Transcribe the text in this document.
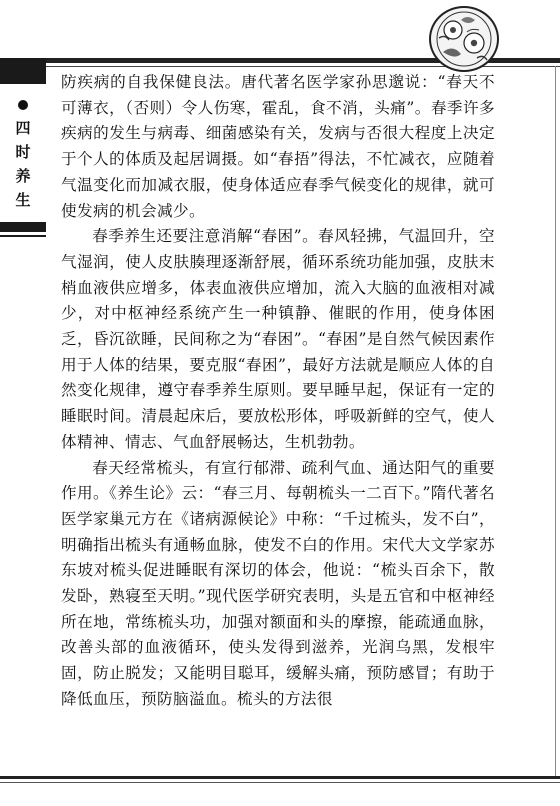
四
时
养
生

防疾病的自我保健良法。唐代著名医学家孙思邈说：“春天不可薄衣，（否则）令人伤寒，霍乱，食不消，头痛”。春季许多疾病的发生与病毒、细菌感染有关，发病与否很大程度上决定于个人的体质及起居调摄。如“春捂”得法，不忙减衣，应随着气温变化而加减衣服，使身体适应春季气候变化的规律，就可使发病的机会减少。

春季养生还要注意消解“春困”。春风轻拂，气温回升，空气湿润，使人皮肤腠理逐渐舒展，循环系统功能加强，皮肤末梢血液供应增多，体表血液供应增加，流入大脑的血液相对减少，对中枢神经系统产生一种镇静、催眠的作用，使身体困乏，昏沉欲睡，民间称之为“春困”。“春困”是自然气候因素作用于人体的结果，要克服“春困”，最好方法就是顺应人体的自然变化规律，遵守春季养生原则。要早睡早起，保证有一定的睡眠时间。清晨起床后，要放松形体，呼吸新鲜的空气，使人体精神、情志、气血舒展畅达，生机勃勃。

春天经常梳头，有宣行郁滞、疏利气血、通达阳气的重要作用。《养生论》云：“春三月、每朝梳头一二百下。”隋代著名医学家巢元方在《诸病源候论》中称：“千过梳头，发不白”，明确指出梳头有通畅血脉，使发不白的作用。宋代大文学家苏东坡对梳头促进睡眠有深切的体会，他说：“梳头百余下，散发卧，熟寝至天明。”现代医学研究表明，头是五官和中枢神经所在地，常练梳头功，加强对额面和头的摩擦，能疏通血脉，改善头部的血液循环，使头发得到滋养，光润乌黑，发根牢固，防止脱发；又能明目聪耳，缓解头痛，预防感冒；有助于降低血压，预防脑溢血。梳头的方法很
